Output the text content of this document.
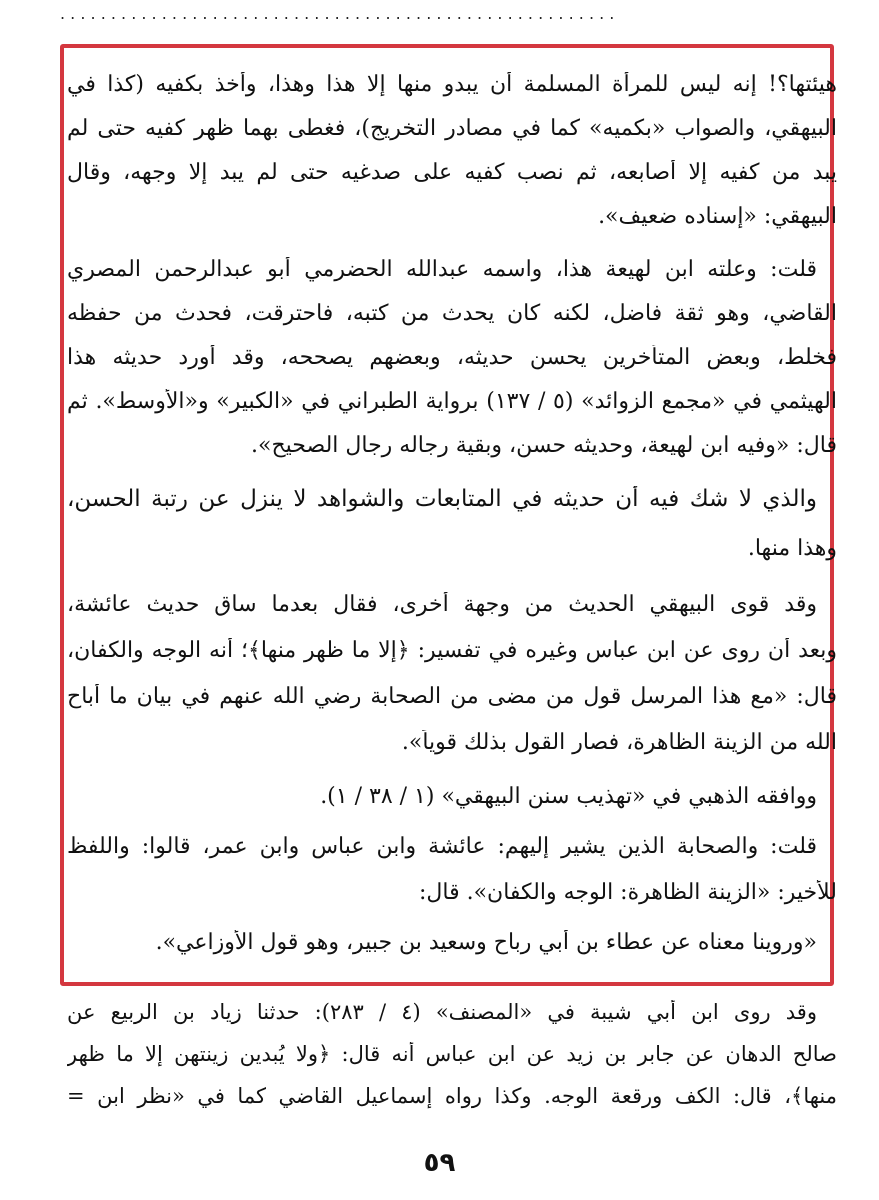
. . . . . . . . . . . . . . . . . . . . . . . . . . . . . . . . . . . . . . . . . . . . . . . . . . . . . . .
هيئتها؟! إنه ليس للمرأة المسلمة أن يبدو منها إلا هذا وهذا، وأخذ بكفيه (كذا في
البيهقي، والصواب «بكميه» كما في مصادر التخريج)، فغطى بهما ظهر كفيه حتى لم
يبد من كفيه إلا أصابعه، ثم نصب كفيه على صدغيه حتى لم يبد إلا وجهه، وقال
البيهقي: «إسناده ضعيف».
قلت: وعلته ابن لهيعة هذا، واسمه عبدالله الحضرمي أبو عبدالرحمن المصري
القاضي، وهو ثقة فاضل، لكنه كان يحدث من كتبه، فاحترقت، فحدث من حفظه
فخلط، وبعض المتأخرين يحسن حديثه، وبعضهم يصححه، وقد أورد حديثه هذا
الهيثمي في «مجمع الزوائد» (٥ / ١٣٧) برواية الطبراني في «الكبير» و«الأوسط». ثم
قال: «وفيه ابن لهيعة، وحديثه حسن، وبقية رجاله رجال الصحيح».
والذي لا شك فيه أن حديثه في المتابعات والشواهد لا ينزل عن رتبة الحسن،
وهذا منها.
وقد قوى البيهقي الحديث من وجهة أخرى، فقال بعدما ساق حديث عائشة،
وبعد أن روى عن ابن عباس وغيره في تفسير: ﴿إلا ما ظهر منها﴾؛ أنه الوجه والكفان،
قال: «مع هذا المرسل قول من مضى من الصحابة رضي الله عنهم في بيان ما أباح
الله من الزينة الظاهرة، فصار القول بذلك قوياً».
ووافقه الذهبي في «تهذيب سنن البيهقي» (١ / ٣٨ / ١).
قلت: والصحابة الذين يشير إليهم: عائشة وابن عباس وابن عمر، قالوا: واللفظ
للأخير: «الزينة الظاهرة: الوجه والكفان». قال:
«وروينا معناه عن عطاء بن أبي رباح وسعيد بن جبير، وهو قول الأوزاعي».
وقد روى ابن أبي شيبة في «المصنف» (٤ / ٢٨٣): حدثنا زياد بن الربيع عن
صالح الدهان عن جابر بن زيد عن ابن عباس أنه قال: ﴿ولا يُبدين زينتهن إلا ما ظهر
منها﴾، قال: الكف ورقعة الوجه. وكذا رواه إسماعيل القاضي كما في «نظر ابن =
٥٩
